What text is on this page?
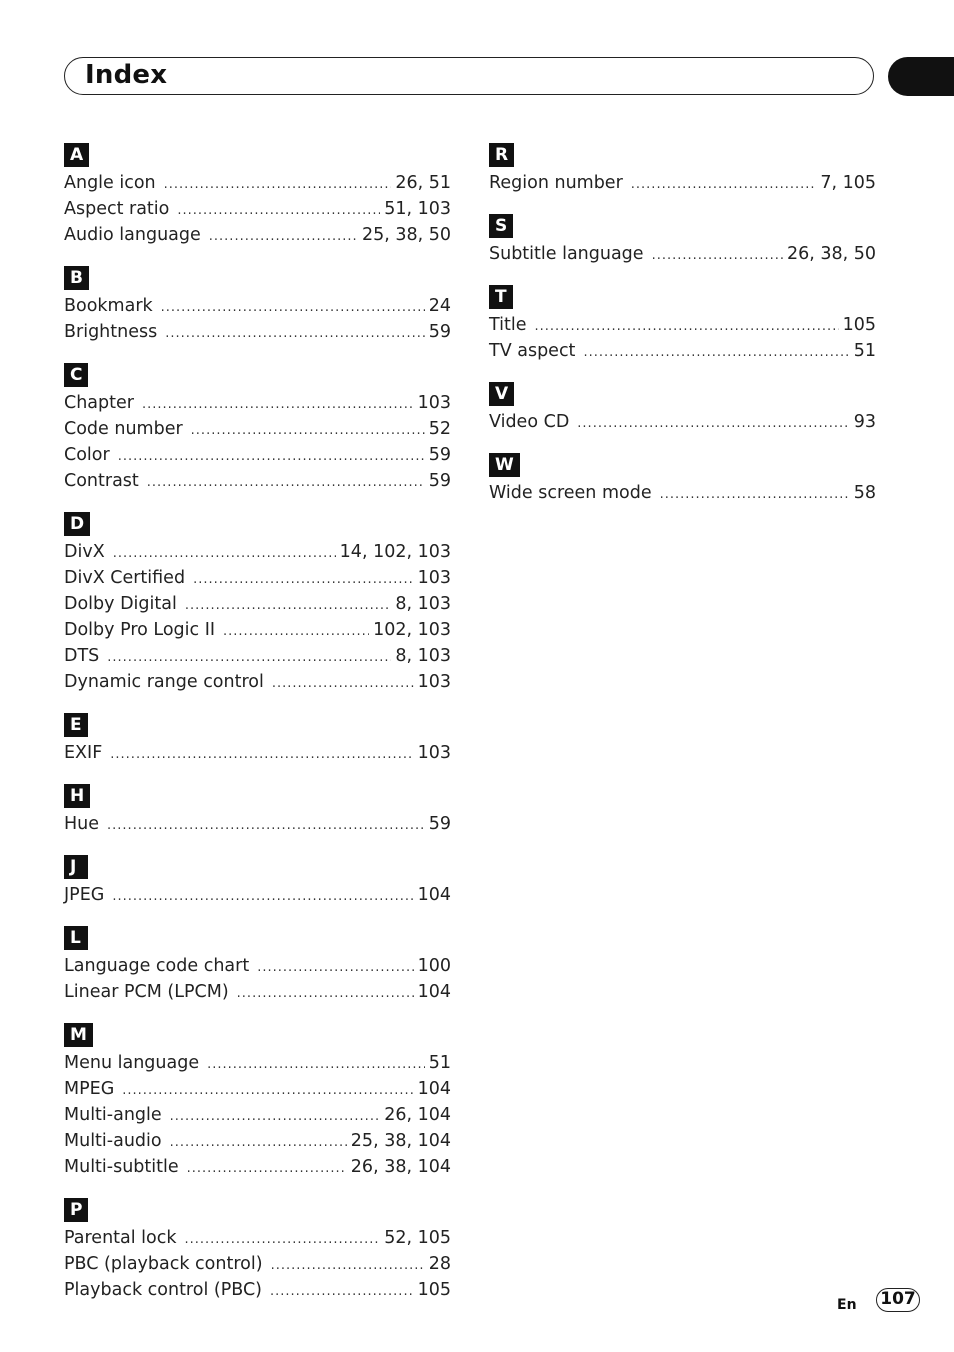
Index
A
Angle icon .....	26, 51
Aspect ratio .....	51, 103
Audio language .....	25, 38, 50
B
Bookmark .....	24
Brightness .....	59
C
Chapter .....	103
Code number .....	52
Color .....	59
Contrast .....	59
D
DivX .....	14, 102, 103
DivX Certified .....	103
Dolby Digital .....	8, 103
Dolby Pro Logic II .....	102, 103
DTS .....	8, 103
Dynamic range control .....	103
E
EXIF .....	103
H
Hue .....	59
J
JPEG .....	104
L
Language code chart .....	100
Linear PCM (LPCM) .....	104
M
Menu language .....	51
MPEG .....	104
Multi-angle .....	26, 104
Multi-audio .....	25, 38, 104
Multi-subtitle .....	26, 38, 104
P
Parental lock .....	52, 105
PBC (playback control) .....	28
Playback control (PBC) .....	105
R
Region number .....	7, 105
S
Subtitle language .....	26, 38, 50
T
Title .....	105
TV aspect .....	51
V
Video CD .....	93
W
Wide screen mode .....	58
En 107
